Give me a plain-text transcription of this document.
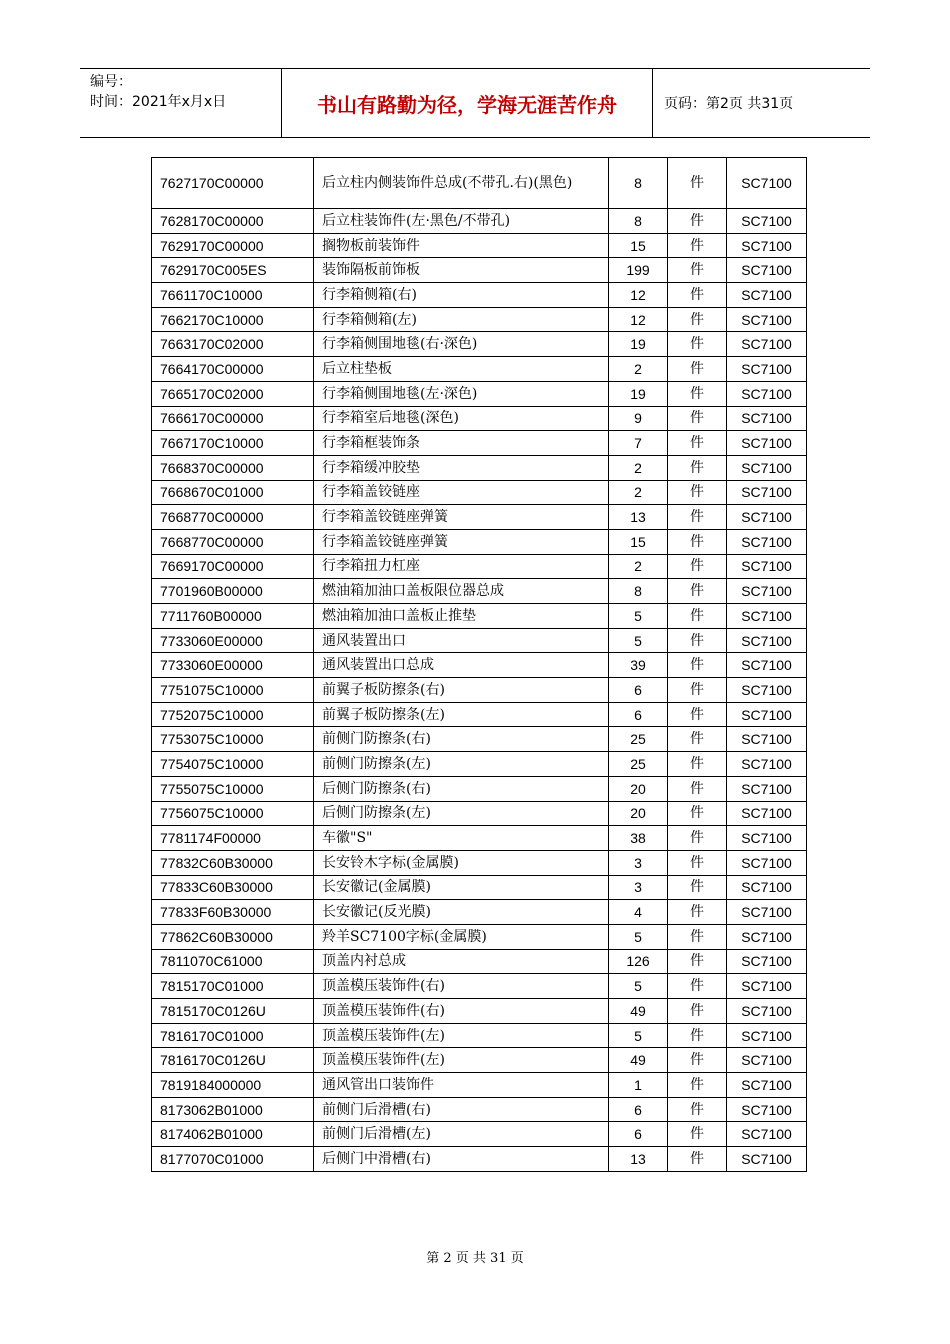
编号：
时间：2021年x月x日	书山有路勤为径，学海无涯苦作舟	页码：第2页 共31页
7627170C00000	后立柱内侧装饰件总成(不带孔.右)(黑色)	8	件	SC7100
7628170C00000	后立柱装饰件(左·黑色/不带孔)	8	件	SC7100
7629170C00000	搁物板前装饰件	15	件	SC7100
7629170C005ES	装饰隔板前饰板	199	件	SC7100
7661170C10000	行李箱侧箱(右)	12	件	SC7100
7662170C10000	行李箱侧箱(左)	12	件	SC7100
7663170C02000	行李箱侧围地毯(右·深色)	19	件	SC7100
7664170C00000	后立柱垫板	2	件	SC7100
7665170C02000	行李箱侧围地毯(左·深色)	19	件	SC7100
7666170C00000	行李箱室后地毯(深色)	9	件	SC7100
7667170C10000	行李箱框装饰条	7	件	SC7100
7668370C00000	行李箱缓冲胶垫	2	件	SC7100
7668670C01000	行李箱盖铰链座	2	件	SC7100
7668770C00000	行李箱盖铰链座弹簧	13	件	SC7100
7668770C00000	行李箱盖铰链座弹簧	15	件	SC7100
7669170C00000	行李箱扭力杠座	2	件	SC7100
7701960B00000	燃油箱加油口盖板限位器总成	8	件	SC7100
7711760B00000	燃油箱加油口盖板止推垫	5	件	SC7100
7733060E00000	通风装置出口	5	件	SC7100
7733060E00000	通风装置出口总成	39	件	SC7100
7751075C10000	前翼子板防擦条(右)	6	件	SC7100
7752075C10000	前翼子板防擦条(左)	6	件	SC7100
7753075C10000	前侧门防擦条(右)	25	件	SC7100
7754075C10000	前侧门防擦条(左)	25	件	SC7100
7755075C10000	后侧门防擦条(右)	20	件	SC7100
7756075C10000	后侧门防擦条(左)	20	件	SC7100
7781174F00000	车徽"S"	38	件	SC7100
77832C60B30000	长安铃木字标(金属膜)	3	件	SC7100
77833C60B30000	长安徽记(金属膜)	3	件	SC7100
77833F60B30000	长安徽记(反光膜)	4	件	SC7100
77862C60B30000	羚羊SC7100字标(金属膜)	5	件	SC7100
7811070C61000	顶盖内衬总成	126	件	SC7100
7815170C01000	顶盖模压装饰件(右)	5	件	SC7100
7815170C0126U	顶盖模压装饰件(右)	49	件	SC7100
7816170C01000	顶盖模压装饰件(左)	5	件	SC7100
7816170C0126U	顶盖模压装饰件(左)	49	件	SC7100
7819184000000	通风管出口装饰件	1	件	SC7100
8173062B01000	前侧门后滑槽(右)	6	件	SC7100
8174062B01000	前侧门后滑槽(左)	6	件	SC7100
8177070C01000	后侧门中滑槽(右)	13	件	SC7100
第 2 页 共 31 页
